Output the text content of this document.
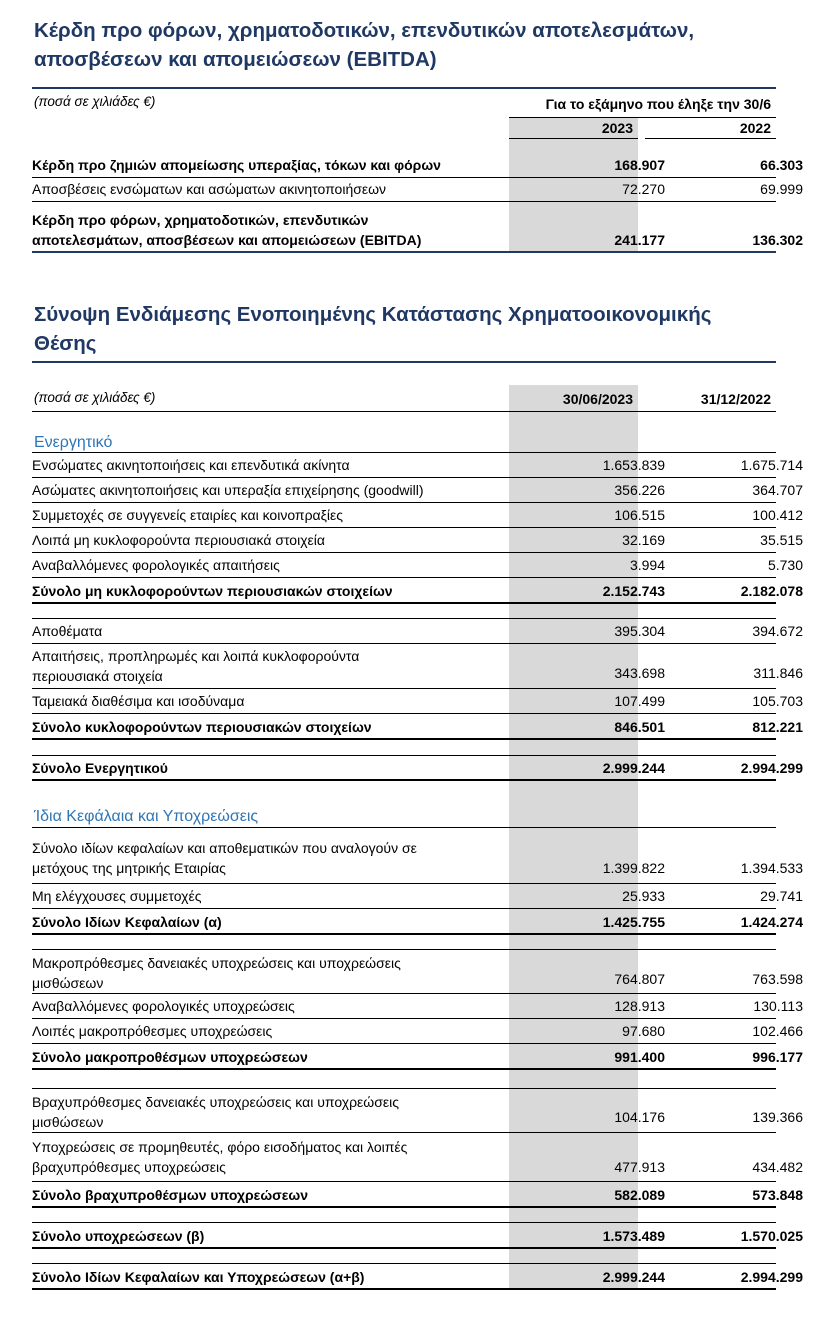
Κέρδη προ φόρων, χρηματοδοτικών, επενδυτικών αποτελεσμάτων,
αποσβέσεων και απομειώσεων (EBITDA)
(ποσά σε χιλιάδες €)	Για το εξάμηνο που έληξε την 30/6
2023	2022
Κέρδη προ ζημιών απομείωσης υπεραξίας, τόκων και φόρων	168.907	66.303
Αποσβέσεις ενσώματων και ασώματων ακινητοποιήσεων	72.270	69.999
Κέρδη προ φόρων, χρηματοδοτικών, επενδυτικών
αποτελεσμάτων, αποσβέσεων και απομειώσεων (EBITDA)	241.177	136.302
Σύνοψη Ενδιάμεσης Ενοποιημένης Κατάστασης Χρηματοοικονομικής
Θέσης
(ποσά σε χιλιάδες €)	30/06/2023	31/12/2022
Ενεργητικό
Ενσώματες ακινητοποιήσεις και επενδυτικά ακίνητα	1.653.839	1.675.714
Ασώματες ακινητοποιήσεις και υπεραξία επιχείρησης (goodwill)	356.226	364.707
Συμμετοχές σε συγγενείς εταιρίες και κοινοπραξίες	106.515	100.412
Λοιπά μη κυκλοφορούντα περιουσιακά στοιχεία	32.169	35.515
Αναβαλλόμενες φορολογικές απαιτήσεις	3.994	5.730
Σύνολο μη κυκλοφορούντων περιουσιακών στοιχείων	2.152.743	2.182.078
Αποθέματα	395.304	394.672
Απαιτήσεις, προπληρωμές και λοιπά κυκλοφορούντα
περιουσιακά στοιχεία	343.698	311.846
Ταμειακά διαθέσιμα και ισοδύναμα	107.499	105.703
Σύνολο κυκλοφορούντων περιουσιακών στοιχείων	846.501	812.221
Σύνολο Ενεργητικού	2.999.244	2.994.299
Ίδια Κεφάλαια και Υποχρεώσεις
Σύνολο ιδίων κεφαλαίων και αποθεματικών που αναλογούν σε
μετόχους της μητρικής Εταιρίας	1.399.822	1.394.533
Μη ελέγχουσες συμμετοχές	25.933	29.741
Σύνολο Ιδίων Κεφαλαίων (α)	1.425.755	1.424.274
Μακροπρόθεσμες δανειακές υποχρεώσεις και υποχρεώσεις
μισθώσεων	764.807	763.598
Αναβαλλόμενες φορολογικές υποχρεώσεις	128.913	130.113
Λοιπές μακροπρόθεσμες υποχρεώσεις	97.680	102.466
Σύνολο μακροπροθέσμων υποχρεώσεων	991.400	996.177
Βραχυπρόθεσμες δανειακές υποχρεώσεις και υποχρεώσεις
μισθώσεων	104.176	139.366
Υποχρεώσεις σε προμηθευτές, φόρο εισοδήματος και λοιπές
βραχυπρόθεσμες υποχρεώσεις	477.913	434.482
Σύνολο βραχυπροθέσμων υποχρεώσεων	582.089	573.848
Σύνολο υποχρεώσεων (β)	1.573.489	1.570.025
Σύνολο Ιδίων Κεφαλαίων και Υποχρεώσεων (α+β)	2.999.244	2.994.299
